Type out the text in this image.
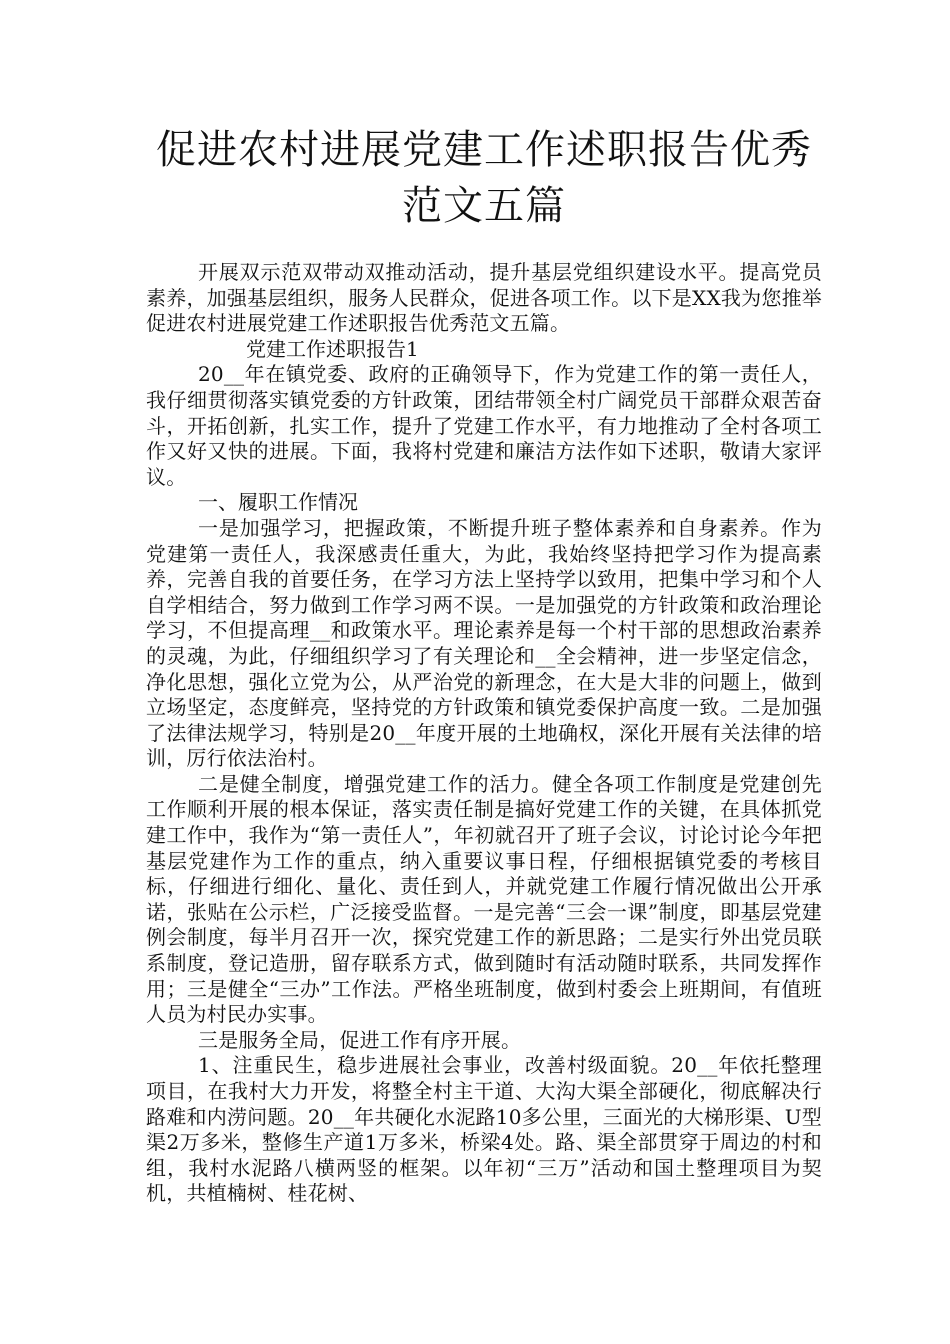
促进农村进展党建工作述职报告优秀范文五篇

开展双示范双带动双推动活动，提升基层党组织建设水平。提高党员素养，加强基层组织，服务人民群众，促进各项工作。以下是XX我为您推举促进农村进展党建工作述职报告优秀范文五篇。

党建工作述职报告1

20__年在镇党委、政府的正确领导下，作为党建工作的第一责任人，我仔细贯彻落实镇党委的方针政策，团结带领全村广阔党员干部群众艰苦奋斗，开拓创新，扎实工作，提升了党建工作水平，有力地推动了全村各项工作又好又快的进展。下面，我将村党建和廉洁方法作如下述职，敬请大家评议。

一、履职工作情况

一是加强学习，把握政策，不断提升班子整体素养和自身素养。作为党建第一责任人，我深感责任重大，为此，我始终坚持把学习作为提高素养，完善自我的首要任务，在学习方法上坚持学以致用，把集中学习和个人自学相结合，努力做到工作学习两不误。一是加强党的方针政策和政治理论学习，不但提高理__和政策水平。理论素养是每一个村干部的思想政治素养的灵魂，为此，仔细组织学习了有关理论和__全会精神，进一步坚定信念，净化思想，强化立党为公，从严治党的新理念，在大是大非的问题上，做到立场坚定，态度鲜亮，坚持党的方针政策和镇党委保护高度一致。二是加强了法律法规学习，特别是20__年度开展的土地确权，深化开展有关法律的培训，厉行依法治村。

二是健全制度，增强党建工作的活力。健全各项工作制度是党建创先工作顺利开展的根本保证，落实责任制是搞好党建工作的关键，在具体抓党建工作中，我作为“第一责任人”，年初就召开了班子会议，讨论讨论今年把基层党建作为工作的重点，纳入重要议事日程，仔细根据镇党委的考核目标，仔细进行细化、量化、责任到人，并就党建工作履行情况做出公开承诺，张贴在公示栏，广泛接受监督。一是完善“三会一课”制度，即基层党建例会制度，每半月召开一次，探究党建工作的新思路；二是实行外出党员联系制度，登记造册，留存联系方式，做到随时有活动随时联系，共同发挥作用；三是健全“三办”工作法。严格坐班制度，做到村委会上班期间，有值班人员为村民办实事。

三是服务全局，促进工作有序开展。

1、注重民生，稳步进展社会事业，改善村级面貌。20__年依托整理项目，在我村大力开发，将整全村主干道、大沟大渠全部硬化，彻底解决行路难和内涝问题。20__年共硬化水泥路10多公里，三面光的大梯形渠、U型渠2万多米，整修生产道1万多米，桥梁4处。路、渠全部贯穿于周边的村和组，我村水泥路八横两竖的框架。以年初“三万”活动和国土整理项目为契机，共植楠树、桂花树、
